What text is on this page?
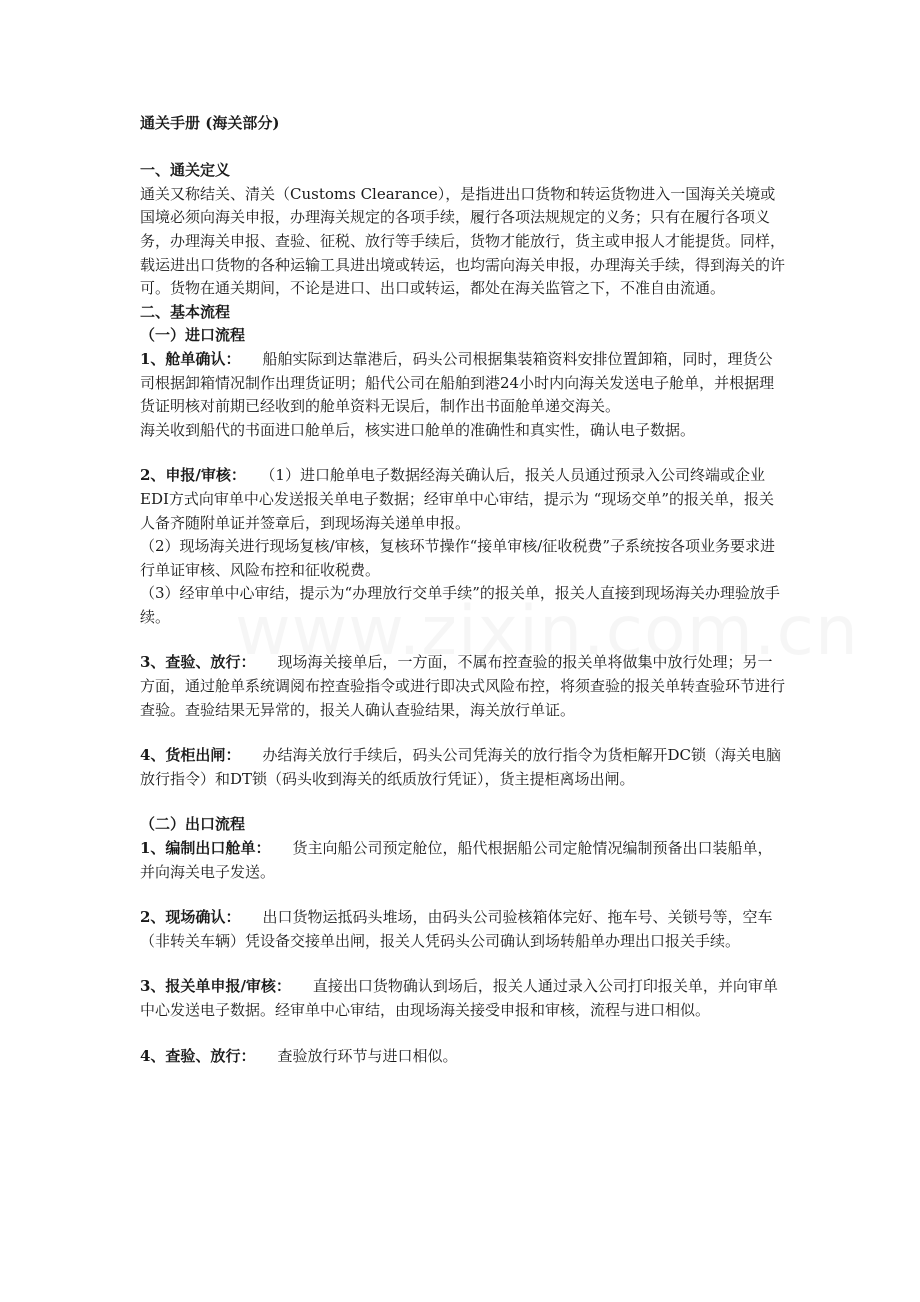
通关手册 (海关部分)

一、通关定义

通关又称结关、清关（Customs Clearance），是指进出口货物和转运货物进入一国海关关境或国境必须向海关申报，办理海关规定的各项手续，履行各项法规规定的义务；只有在履行各项义务，办理海关申报、查验、征税、放行等手续后，货物才能放行，货主或申报人才能提货。同样，载运进出口货物的各种运输工具进出境或转运，也均需向海关申报，办理海关手续，得到海关的许可。货物在通关期间，不论是进口、出口或转运，都处在海关监管之下，不准自由流通。

二、基本流程

（一）进口流程

1、舱单确认： 船舶实际到达靠港后，码头公司根据集装箱资料安排位置卸箱，同时，理货公司根据卸箱情况制作出理货证明；船代公司在船舶到港24小时内向海关发送电子舱单，并根据理货证明核对前期已经收到的舱单资料无误后，制作出书面舱单递交海关。

海关收到船代的书面进口舱单后，核实进口舱单的准确性和真实性，确认电子数据。

2、申报/审核： （1）进口舱单电子数据经海关确认后，报关人员通过预录入公司终端或企业EDI方式向审单中心发送报关单电子数据；经审单中心审结，提示为 “现场交单”的报关单，报关人备齐随附单证并签章后，到现场海关递单申报。

（2）现场海关进行现场复核/审核，复核环节操作“接单审核/征收税费”子系统按各项业务要求进行单证审核、风险布控和征收税费。

（3）经审单中心审结，提示为“办理放行交单手续”的报关单，报关人直接到现场海关办理验放手续。

3、查验、放行： 现场海关接单后，一方面，不属布控查验的报关单将做集中放行处理；另一方面，通过舱单系统调阅布控查验指令或进行即决式风险布控，将须查验的报关单转查验环节进行查验。查验结果无异常的，报关人确认查验结果，海关放行单证。

4、货柜出闸： 办结海关放行手续后，码头公司凭海关的放行指令为货柜解开DC锁（海关电脑放行指令）和DT锁（码头收到海关的纸质放行凭证），货主提柜离场出闸。

（二）出口流程

1、编制出口舱单： 货主向船公司预定舱位，船代根据船公司定舱情况编制预备出口装船单，并向海关电子发送。

2、现场确认： 出口货物运抵码头堆场，由码头公司验核箱体完好、拖车号、关锁号等，空车（非转关车辆）凭设备交接单出闸，报关人凭码头公司确认到场转船单办理出口报关手续。

3、报关单申报/审核： 直接出口货物确认到场后，报关人通过录入公司打印报关单，并向审单中心发送电子数据。经审单中心审结，由现场海关接受申报和审核，流程与进口相似。

4、查验、放行： 查验放行环节与进口相似。
